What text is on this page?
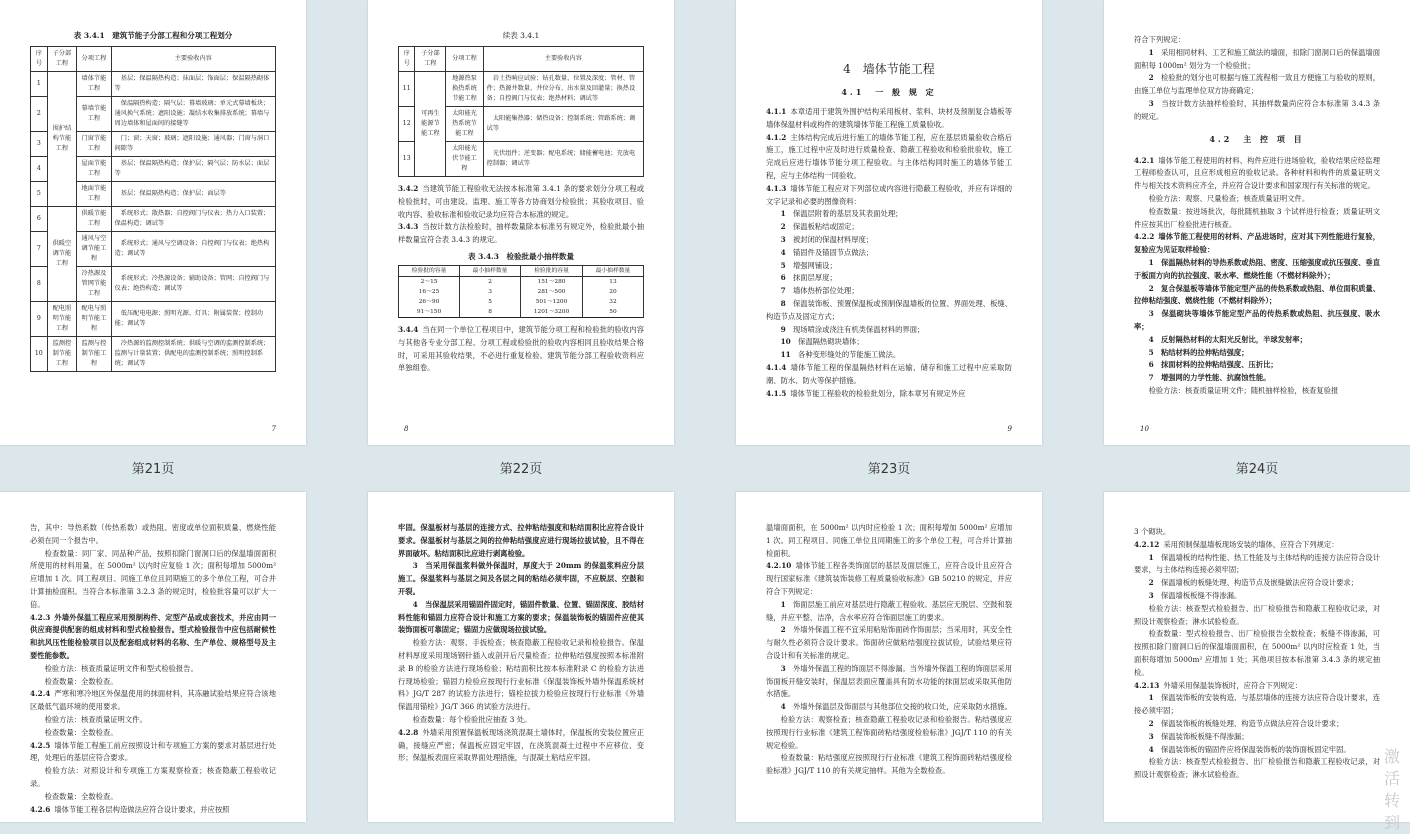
表 3.4.1　建筑节能子分部工程和分项工程划分
序号	子分部工程	分项工程	主要验收内容
1	围护结构节能工程	墙体节能工程	基层；保温隔热构造；抹面层；饰面层；保温隔热砌体等
2		幕墙节能工程	保温隔热构造；隔气层；幕墙玻璃；单元式幕墙板块；通风换气系统；遮阳设施；凝结水收集排放系统；幕墙与周边墙体和屋面间的接缝等
3		门窗节能工程	门；窗；天窗；玻璃；遮阳设施；通风器；门窗与洞口间隙等
4		屋面节能工程	基层；保温隔热构造；保护层；隔气层；防水层；面层等
5		地面节能工程	基层；保温隔热构造；保护层；面层等
6	供暖空调节能工程	供暖节能工程	系统形式；散热器；自控阀门与仪表；热力入口装置；保温构造；调试等
7		通风与空调节能工程	系统形式；通风与空调设备；自控阀门与仪表；绝热构造；调试等
8		冷热源及管网节能工程	系统形式；冷热源设备；辅助设备；管网；自控阀门与仪表；绝热构造；调试等
9	配电照明节能工程	配电与照明节能工程	低压配电电源；照明光源、灯具；附属装置；控制功能；调试等
10	监测控制节能工程	监测与控制节能工程	冷热源的监测控制系统；供暖与空调的监测控制系统；监测与计量装置；供配电的监测控制系统；照明控制系统；调试等
7
续表 3.4.1
序号	子分部工程	分项工程	主要验收内容
11	可再生能源节能工程	地源热泵换热系统节能工程	岩土热响应试验；钻孔数量、位置及深度；管材、管件；热源井数量、井位分布、出水量及回灌量；换热设备；自控阀门与仪表；绝热材料；调试等
12		太阳能光热系统节能工程	太阳能集热器；储热设备；控制系统；管路系统；调试等
13		太阳能光伏节能工程	光伏组件；逆变器；配电系统；储能蓄电池；充放电控制器；调试等

3.4.2 当建筑节能工程验收无法按本标准第 3.4.1 条的要求划分分项工程或检验批时，可由建设、监理、施工等各方协商划分检验批；其验收项目、验收内容、验收标准和验收记录均应符合本标准的规定。

3.4.3 当按计数方法检验时，抽样数量除本标准另有规定外，检验批最小抽样数量宜符合表 3.4.3 的规定。

表 3.4.3　检验批最小抽样数量
检验批的容量	最小抽样数量	检验批的容量	最小抽样数量
2～15	2	151～280	13
16～25	3	281～500	20
26～90	5	501～1200	32
91～150	8	1201～3200	50

3.4.4 当在同一个单位工程项目中，建筑节能分项工程和检验批的验收内容与其他各专业分部工程、分项工程或检验批的验收内容相同且验收结果合格时，可采用其验收结果，不必进行重复检验。建筑节能分部工程验收资料应单独组卷。

8
4　墙体节能工程
4.1　一 般 规 定

4.1.1 本章适用于建筑外围护结构采用板材、浆料、块材及预制复合墙板等墙体保温材料或构件的建筑墙体节能工程施工质量验收。

4.1.2 主体结构完成后进行施工的墙体节能工程，应在基层质量验收合格后施工，施工过程中应及时进行质量检查、隐蔽工程验收和检验批验收，施工完成后应进行墙体节能分项工程验收。与主体结构同时施工的墙体节能工程，应与主体结构一同验收。

4.1.3 墙体节能工程应对下列部位或内容进行隐蔽工程验收，并应有详细的文字记录和必要的图像资料：

1　保温层附着的基层及其表面处理；

2　保温板粘结或固定；

3　被封闭的保温材料厚度；

4　锚固件及锚固节点做法；

5　增强网铺设；

6　抹面层厚度；

7　墙体热桥部位处理；

8　保温装饰板、预置保温板或预制保温墙板的位置、界面处理、板缝、构造节点及固定方式；

9　现场喷涂或浇注有机类保温材料的界面；

10　保温隔热砌块墙体；

11　各种变形缝处的节能施工做法。

4.1.4 墙体节能工程的保温隔热材料在运输、储存和施工过程中应采取防潮、防水、防火等保护措施。

4.1.5 墙体节能工程验收的检验批划分，除本章另有规定外应

9

符合下列规定：

1　采用相同材料、工艺和施工做法的墙面，扣除门窗洞口后的保温墙面面积每 1000m² 划分为一个检验批；

2　检验批的划分也可根据与施工流程相一致且方便施工与验收的原则，由施工单位与监理单位双方协商确定；

3　当按计数方法抽样检验时，其抽样数量尚应符合本标准第 3.4.3 条的规定。

4.2　主 控 项 目

4.2.1 墙体节能工程使用的材料、构件应进行进场验收，验收结果应经监理工程师检查认可，且应形成相应的验收记录。各种材料和构件的质量证明文件与相关技术资料应齐全，并应符合设计要求和国家现行有关标准的规定。

检验方法：观察、尺量检查；核查质量证明文件。

检查数量：按进场批次，每批随机抽取 3 个试样进行检查；质量证明文件应按其出厂检验批进行核查。

4.2.2 墙体节能工程使用的材料、产品进场时，应对其下列性能进行复验，复验应为见证取样检验：

1　保温隔热材料的导热系数或热阻、密度、压缩强度或抗压强度、垂直于板面方向的抗拉强度、吸水率、燃烧性能（不燃材料除外）；

2　复合保温板等墙体节能定型产品的传热系数或热阻、单位面积质量、拉伸粘结强度、燃烧性能（不燃材料除外）；

3　保温砌块等墙体节能定型产品的传热系数或热阻、抗压强度、吸水率；

4　反射隔热材料的太阳光反射比，半球发射率；

5　粘结材料的拉伸粘结强度；

6　抹面材料的拉伸粘结强度、压折比；

7　增强网的力学性能、抗腐蚀性能。

检验方法：核查质量证明文件；随机抽样检验，核查复验报

10
第21页	第22页	第23页	第24页

告，其中：导热系数（传热系数）或热阻、密度或单位面积质量、燃烧性能必须在同一个报告中。

检查数量：同厂家、同品种产品，按照扣除门窗洞口后的保温墙面面积所使用的材料用量，在 5000m² 以内时应复验 1 次；面积每增加 5000m² 应增加 1 次。同工程项目、同施工单位且同期施工的多个单位工程，可合并计算抽检面积。当符合本标准第 3.2.3 条的规定时，检验批容量可以扩大一倍。

4.2.3 外墙外保温工程应采用预制构件、定型产品或成套技术，并应由同一供应商提供配套的组成材料和型式检验报告。型式检验报告中应包括耐候性和抗风压性能检验项目以及配套组成材料的名称、生产单位、规格型号及主要性能参数。

检验方法：核查质量证明文件和型式检验报告。

检查数量：全数检查。

4.2.4 严寒和寒冷地区外保温使用的抹面材料，其冻融试验结果应符合该地区最低气温环境的使用要求。

检验方法：核查质量证明文件。

检查数量：全数检查。

4.2.5 墙体节能工程施工前应按照设计和专项施工方案的要求对基层进行处理，处理后的基层应符合要求。

检验方法：对照设计和专项施工方案观察检查；核查隐蔽工程验收记录。

检查数量：全数检查。

4.2.6 墙体节能工程各层构造做法应符合设计要求，并应按照

牢固。保温板材与基层的连接方式、拉伸粘结强度和粘结面积比应符合设计要求。保温板材与基层之间的拉伸粘结强度应进行现场拉拔试验，且不得在界面破坏。粘结面积比应进行剥离检验。

3　当采用保温浆料做外保温时，厚度大于 20mm 的保温浆料应分层施工。保温浆料与基层之间及各层之间的粘结必须牢固，不应脱层、空鼓和开裂。

4　当保温层采用锚固件固定时，锚固件数量、位置、锚固深度、胶结材料性能和锚固力应符合设计和施工方案的要求；保温装饰板的锚固件应使其装饰面板可靠固定；锚固力应做现场拉拔试验。

检验方法：观察、手扳检查；核查隐蔽工程验收记录和检验报告。保温材料厚度采用现场钢针插入或剖开后尺量检查；拉伸粘结强度按照本标准附录 B 的检验方法进行现场检验；粘结面积比按本标准附录 C 的检验方法进行现场检验；锚固力检验应按现行行业标准《保温装饰板外墙外保温系统材料》JG/T 287 的试验方法进行；锚栓拉拔力检验应按现行行业标准《外墙保温用锚栓》JG/T 366 的试验方法进行。

检查数量：每个检验批应抽查 3 处。

4.2.8 外墙采用预置保温板现场浇筑混凝土墙体时，保温板的安装位置应正确，接缝应严密；保温板应固定牢固，在浇筑混凝土过程中不应移位、变形；保温板表面应采取界面处理措施，与混凝土粘结应牢固。

温墙面面积，在 5000m² 以内时应检验 1 次；面积每增加 5000m² 应增加 1 次。同工程项目、同施工单位且同期施工的多个单位工程，可合并计算抽检面积。

4.2.10 墙体节能工程各类饰面层的基层及面层施工，应符合设计且应符合现行国家标准《建筑装饰装修工程质量验收标准》GB 50210 的规定，并应符合下列规定：

1　饰面层施工前应对基层进行隐蔽工程验收。基层应无脱层、空鼓和裂缝，并应平整、洁净，含水率应符合饰面层施工的要求。

2　外墙外保温工程不宜采用粘贴饰面砖作饰面层；当采用时，其安全性与耐久性必须符合设计要求。饰面砖应做粘结强度拉拔试验，试验结果应符合设计和有关标准的规定。

3　外墙外保温工程的饰面层不得渗漏。当外墙外保温工程的饰面层采用饰面板开缝安装时，保温层表面应覆盖具有防水功能的抹面层或采取其他防水措施。

4　外墙外保温层及饰面层与其他部位交接的收口处，应采取防水措施。

检验方法：观察检查；核查隐蔽工程验收记录和检验报告。粘结强度应按照现行行业标准《建筑工程饰面砖粘结强度检验标准》JGJ/T 110 的有关规定检验。

检查数量：粘结强度应按照现行行业标准《建筑工程饰面砖粘结强度检验标准》JGJ/T 110 的有关规定抽样。其他为全数检查。

3 个砌块。

4.2.12 采用预制保温墙板现场安装的墙体，应符合下列规定：

1　保温墙板的结构性能、热工性能及与主体结构的连接方法应符合设计要求，与主体结构连接必须牢固；

2　保温墙板的板缝处理、构造节点及嵌缝做法应符合设计要求；

3　保温墙板板缝不得渗漏。

检验方法：核查型式检验报告、出厂检验报告和隐蔽工程验收记录，对照设计观察检查；淋水试验检查。

检查数量：型式检验报告、出厂检验报告全数检查；板缝不得渗漏，可按照扣除门窗洞口后的保温墙面面积，在 5000m² 以内时应检查 1 处，当面积每增加 5000m² 应增加 1 处；其他项目按本标准第 3.4.3 条的规定抽检。

4.2.13 外墙采用保温装饰板时，应符合下列规定：

1　保温装饰板的安装构造、与基层墙体的连接方法应符合设计要求，连接必须牢固；

2　保温装饰板的板缝处理、构造节点做法应符合设计要求；

3　保温装饰板板缝不得渗漏；

4　保温装饰板的锚固件应将保温装饰板的装饰面板固定牢固。

检验方法：核查型式检验报告、出厂检验报告和隐蔽工程验收记录，对照设计观察检查；淋水试验检查。

激活
转到
